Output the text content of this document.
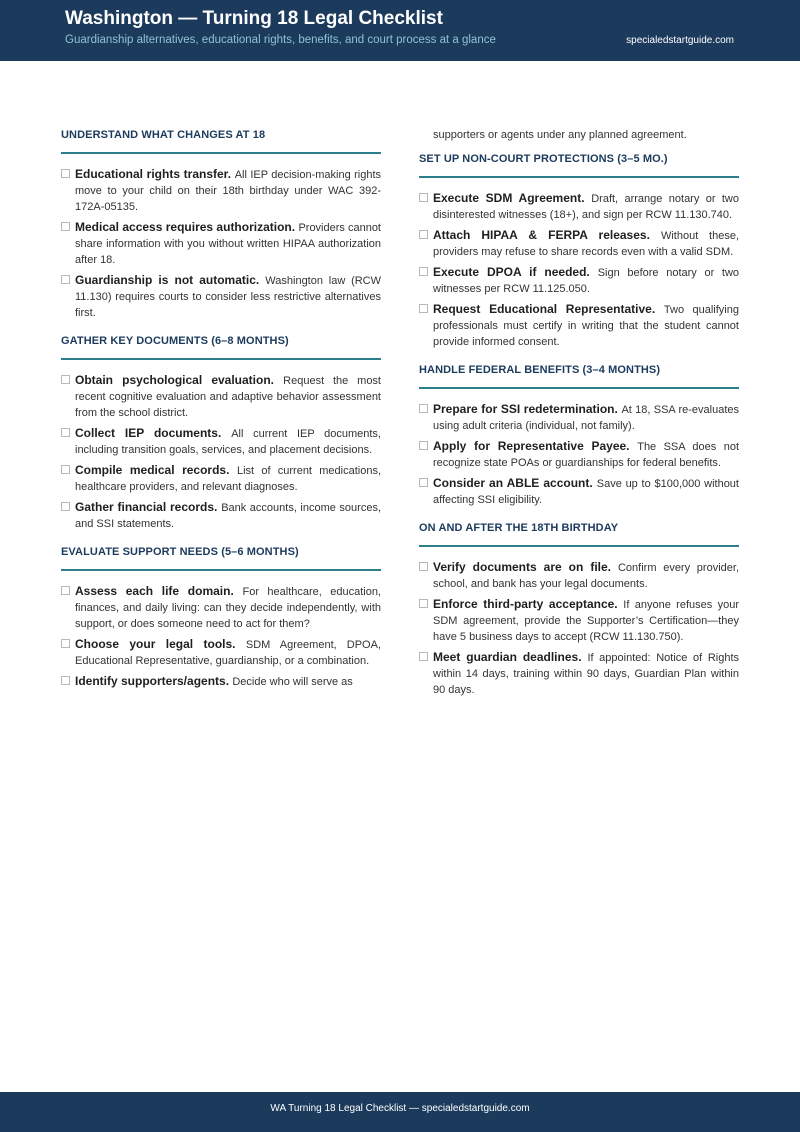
Washington — Turning 18 Legal Checklist
Guardianship alternatives, educational rights, benefits, and court process at a glance	specialedstartguide.com
UNDERSTAND WHAT CHANGES AT 18
Educational rights transfer. All IEP decision-making rights move to your child on their 18th birthday under WAC 392-172A-05135.
Medical access requires authorization. Providers cannot share information with you without written HIPAA authorization after 18.
Guardianship is not automatic. Washington law (RCW 11.130) requires courts to consider less restrictive alternatives first.
GATHER KEY DOCUMENTS (6–8 MONTHS)
Obtain psychological evaluation. Request the most recent cognitive evaluation and adaptive behavior assessment from the school district.
Collect IEP documents. All current IEP documents, including transition goals, services, and placement decisions.
Compile medical records. List of current medications, healthcare providers, and relevant diagnoses.
Gather financial records. Bank accounts, income sources, and SSI statements.
EVALUATE SUPPORT NEEDS (5–6 MONTHS)
Assess each life domain. For healthcare, education, finances, and daily living: can they decide independently, with support, or does someone need to act for them?
Choose your legal tools. SDM Agreement, DPOA, Educational Representative, guardianship, or a combination.
Identify supporters/agents. Decide who will serve as
supporters or agents under any planned agreement.
SET UP NON-COURT PROTECTIONS (3–5 MO.)
Execute SDM Agreement. Draft, arrange notary or two disinterested witnesses (18+), and sign per RCW 11.130.740.
Attach HIPAA & FERPA releases. Without these, providers may refuse to share records even with a valid SDM.
Execute DPOA if needed. Sign before notary or two witnesses per RCW 11.125.050.
Request Educational Representative. Two qualifying professionals must certify in writing that the student cannot provide informed consent.
HANDLE FEDERAL BENEFITS (3–4 MONTHS)
Prepare for SSI redetermination. At 18, SSA re-evaluates using adult criteria (individual, not family).
Apply for Representative Payee. The SSA does not recognize state POAs or guardianships for federal benefits.
Consider an ABLE account. Save up to $100,000 without affecting SSI eligibility.
ON AND AFTER THE 18TH BIRTHDAY
Verify documents are on file. Confirm every provider, school, and bank has your legal documents.
Enforce third-party acceptance. If anyone refuses your SDM agreement, provide the Supporter’s Certification—they have 5 business days to accept (RCW 11.130.750).
Meet guardian deadlines. If appointed: Notice of Rights within 14 days, training within 90 days, Guardian Plan within 90 days.
WA Turning 18 Legal Checklist — specialedstartguide.com
